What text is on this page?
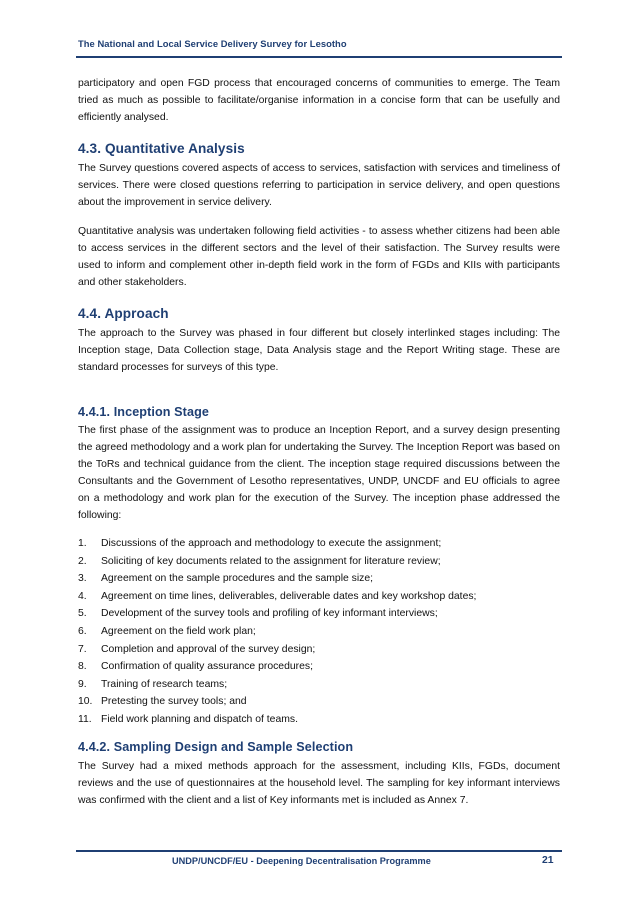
The National and Local Service Delivery Survey for Lesotho

participatory and open FGD process that encouraged concerns of communities to emerge. The Team tried as much as possible to facilitate/organise information in a concise form that can be usefully and efficiently analysed.

4.3. Quantitative Analysis

The Survey questions covered aspects of access to services, satisfaction with services and timeliness of services. There were closed questions referring to participation in service delivery, and open questions about the improvement in service delivery.

Quantitative analysis was undertaken following field activities - to assess whether citizens had been able to access services in the different sectors and the level of their satisfaction. The Survey results were used to inform and complement other in-depth field work in the form of FGDs and KIIs with participants and other stakeholders.

4.4. Approach

The approach to the Survey was phased in four different but closely interlinked stages including: The Inception stage, Data Collection stage, Data Analysis stage and the Report Writing stage. These are standard processes for surveys of this type.

4.4.1. Inception Stage

The first phase of the assignment was to produce an Inception Report, and a survey design presenting the agreed methodology and a work plan for undertaking the Survey. The Inception Report was based on the ToRs and technical guidance from the client. The inception stage required discussions between the Consultants and the Government of Lesotho representatives, UNDP, UNCDF and EU officials to agree on a methodology and work plan for the execution of the Survey. The inception phase addressed the following:

1.	Discussions of the approach and methodology to execute the assignment;
2.	Soliciting of key documents related to the assignment for literature review;
3.	Agreement on the sample procedures and the sample size;
4.	Agreement on time lines, deliverables, deliverable dates and key workshop dates;
5.	Development of the survey tools and profiling of key informant interviews;
6.	Agreement on the field work plan;
7.	Completion and approval of the survey design;
8.	Confirmation of quality assurance procedures;
9.	Training of research teams;
10. Pretesting the survey tools; and
11. Field work planning and dispatch of teams.
4.4.2. Sampling Design and Sample Selection

The Survey had a mixed methods approach for the assessment, including KIIs, FGDs, document reviews and the use of questionnaires at the household level. The sampling for key informant interviews was confirmed with the client and a list of Key informants met is included as Annex 7.

UNDP/UNCDF/EU - Deepening Decentralisation Programme	21
